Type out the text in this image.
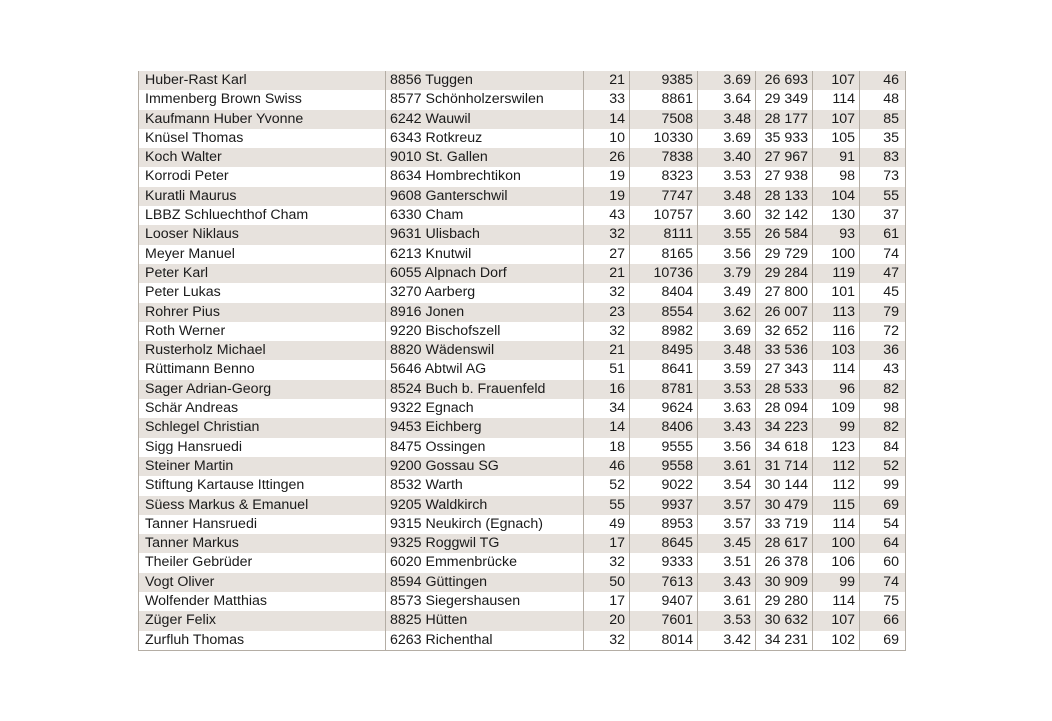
Huber-Rast Karl	8856 Tuggen	21	9385	3.69	26 693	107	46
Immenberg Brown Swiss	8577 Schönholzerswilen	33	8861	3.64	29 349	114	48
Kaufmann Huber Yvonne	6242 Wauwil	14	7508	3.48	28 177	107	85
Knüsel Thomas	6343 Rotkreuz	10	10330	3.69	35 933	105	35
Koch Walter	9010 St. Gallen	26	7838	3.40	27 967	91	83
Korrodi Peter	8634 Hombrechtikon	19	8323	3.53	27 938	98	73
Kuratli Maurus	9608 Ganterschwil	19	7747	3.48	28 133	104	55
LBBZ Schluechthof Cham	6330 Cham	43	10757	3.60	32 142	130	37
Looser Niklaus	9631 Ulisbach	32	8111	3.55	26 584	93	61
Meyer Manuel	6213 Knutwil	27	8165	3.56	29 729	100	74
Peter Karl	6055 Alpnach Dorf	21	10736	3.79	29 284	119	47
Peter Lukas	3270 Aarberg	32	8404	3.49	27 800	101	45
Rohrer Pius	8916 Jonen	23	8554	3.62	26 007	113	79
Roth Werner	9220 Bischofszell	32	8982	3.69	32 652	116	72
Rusterholz Michael	8820 Wädenswil	21	8495	3.48	33 536	103	36
Rüttimann Benno	5646 Abtwil AG	51	8641	3.59	27 343	114	43
Sager Adrian-Georg	8524 Buch b. Frauenfeld	16	8781	3.53	28 533	96	82
Schär Andreas	9322 Egnach	34	9624	3.63	28 094	109	98
Schlegel Christian	9453 Eichberg	14	8406	3.43	34 223	99	82
Sigg Hansruedi	8475 Ossingen	18	9555	3.56	34 618	123	84
Steiner Martin	9200 Gossau SG	46	9558	3.61	31 714	112	52
Stiftung Kartause Ittingen	8532 Warth	52	9022	3.54	30 144	112	99
Süess Markus & Emanuel	9205 Waldkirch	55	9937	3.57	30 479	115	69
Tanner Hansruedi	9315 Neukirch (Egnach)	49	8953	3.57	33 719	114	54
Tanner Markus	9325 Roggwil TG	17	8645	3.45	28 617	100	64
Theiler Gebrüder	6020 Emmenbrücke	32	9333	3.51	26 378	106	60
Vogt Oliver	8594 Güttingen	50	7613	3.43	30 909	99	74
Wolfender Matthias	8573 Siegershausen	17	9407	3.61	29 280	114	75
Züger Felix	8825 Hütten	20	7601	3.53	30 632	107	66
Zurfluh Thomas	6263 Richenthal	32	8014	3.42	34 231	102	69
